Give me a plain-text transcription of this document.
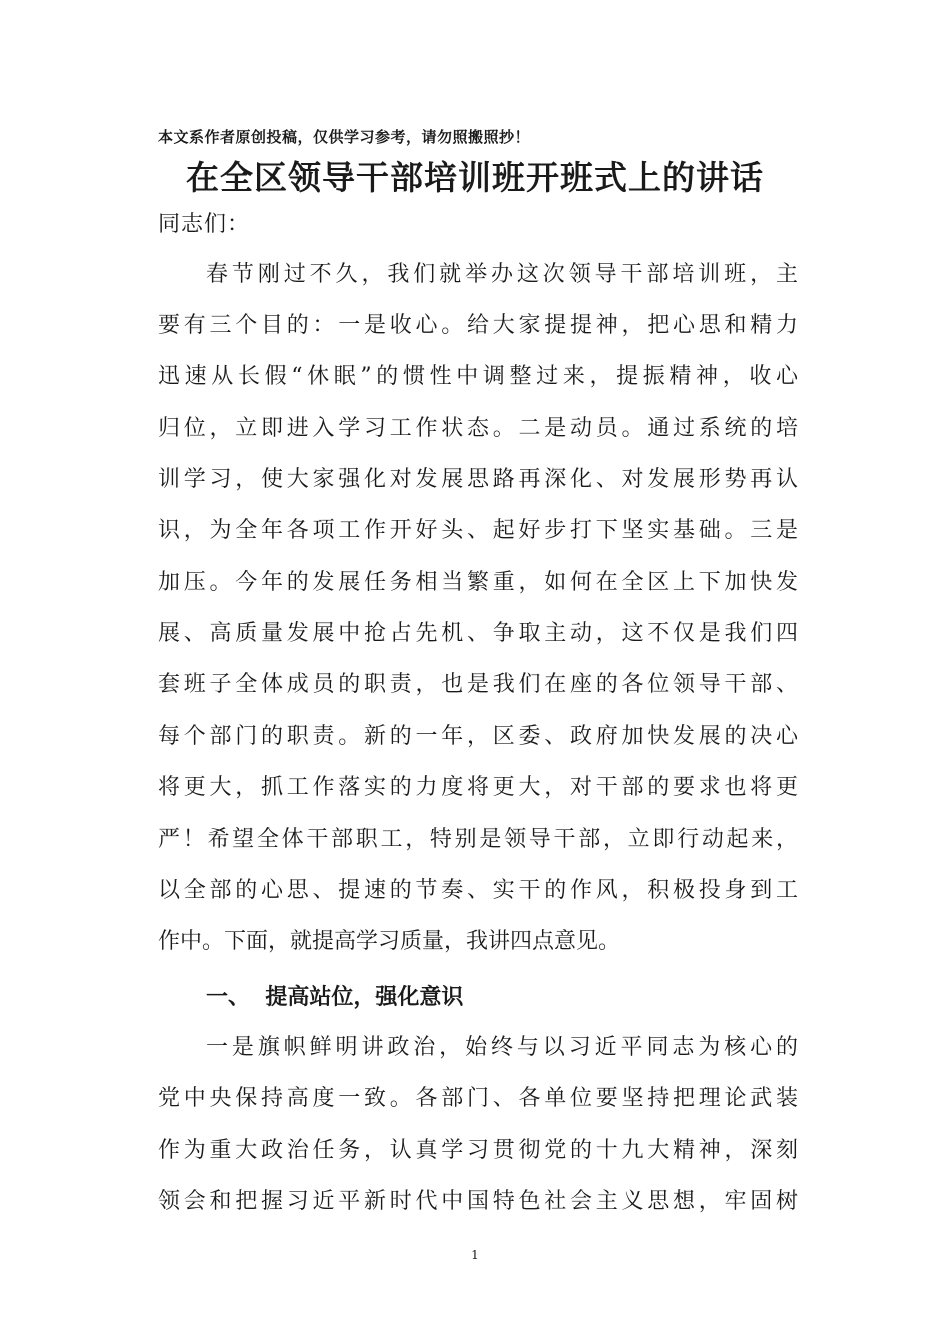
本文系作者原创投稿，仅供学习参考，请勿照搬照抄！
在全区领导干部培训班开班式上的讲话
同志们：
春节刚过不久，我们就举办这次领导干部培训班，主
要有三个目的：一是收心。给大家提提神，把心思和精力
迅速从长假“休眠”的惯性中调整过来，提振精神，收心
归位，立即进入学习工作状态。二是动员。通过系统的培
训学习，使大家强化对发展思路再深化、对发展形势再认
识，为全年各项工作开好头、起好步打下坚实基础。三是
加压。今年的发展任务相当繁重，如何在全区上下加快发
展、高质量发展中抢占先机、争取主动，这不仅是我们四
套班子全体成员的职责，也是我们在座的各位领导干部、
每个部门的职责。新的一年，区委、政府加快发展的决心
将更大，抓工作落实的力度将更大，对干部的要求也将更
严！希望全体干部职工，特别是领导干部，立即行动起来，
以全部的心思、提速的节奏、实干的作风，积极投身到工
作中。下面，就提高学习质量，我讲四点意见。
一、  提高站位，强化意识
一是旗帜鲜明讲政治，始终与以习近平同志为核心的
党中央保持高度一致。各部门、各单位要坚持把理论武装
作为重大政治任务，认真学习贯彻党的十九大精神，深刻
领会和把握习近平新时代中国特色社会主义思想，牢固树
1
